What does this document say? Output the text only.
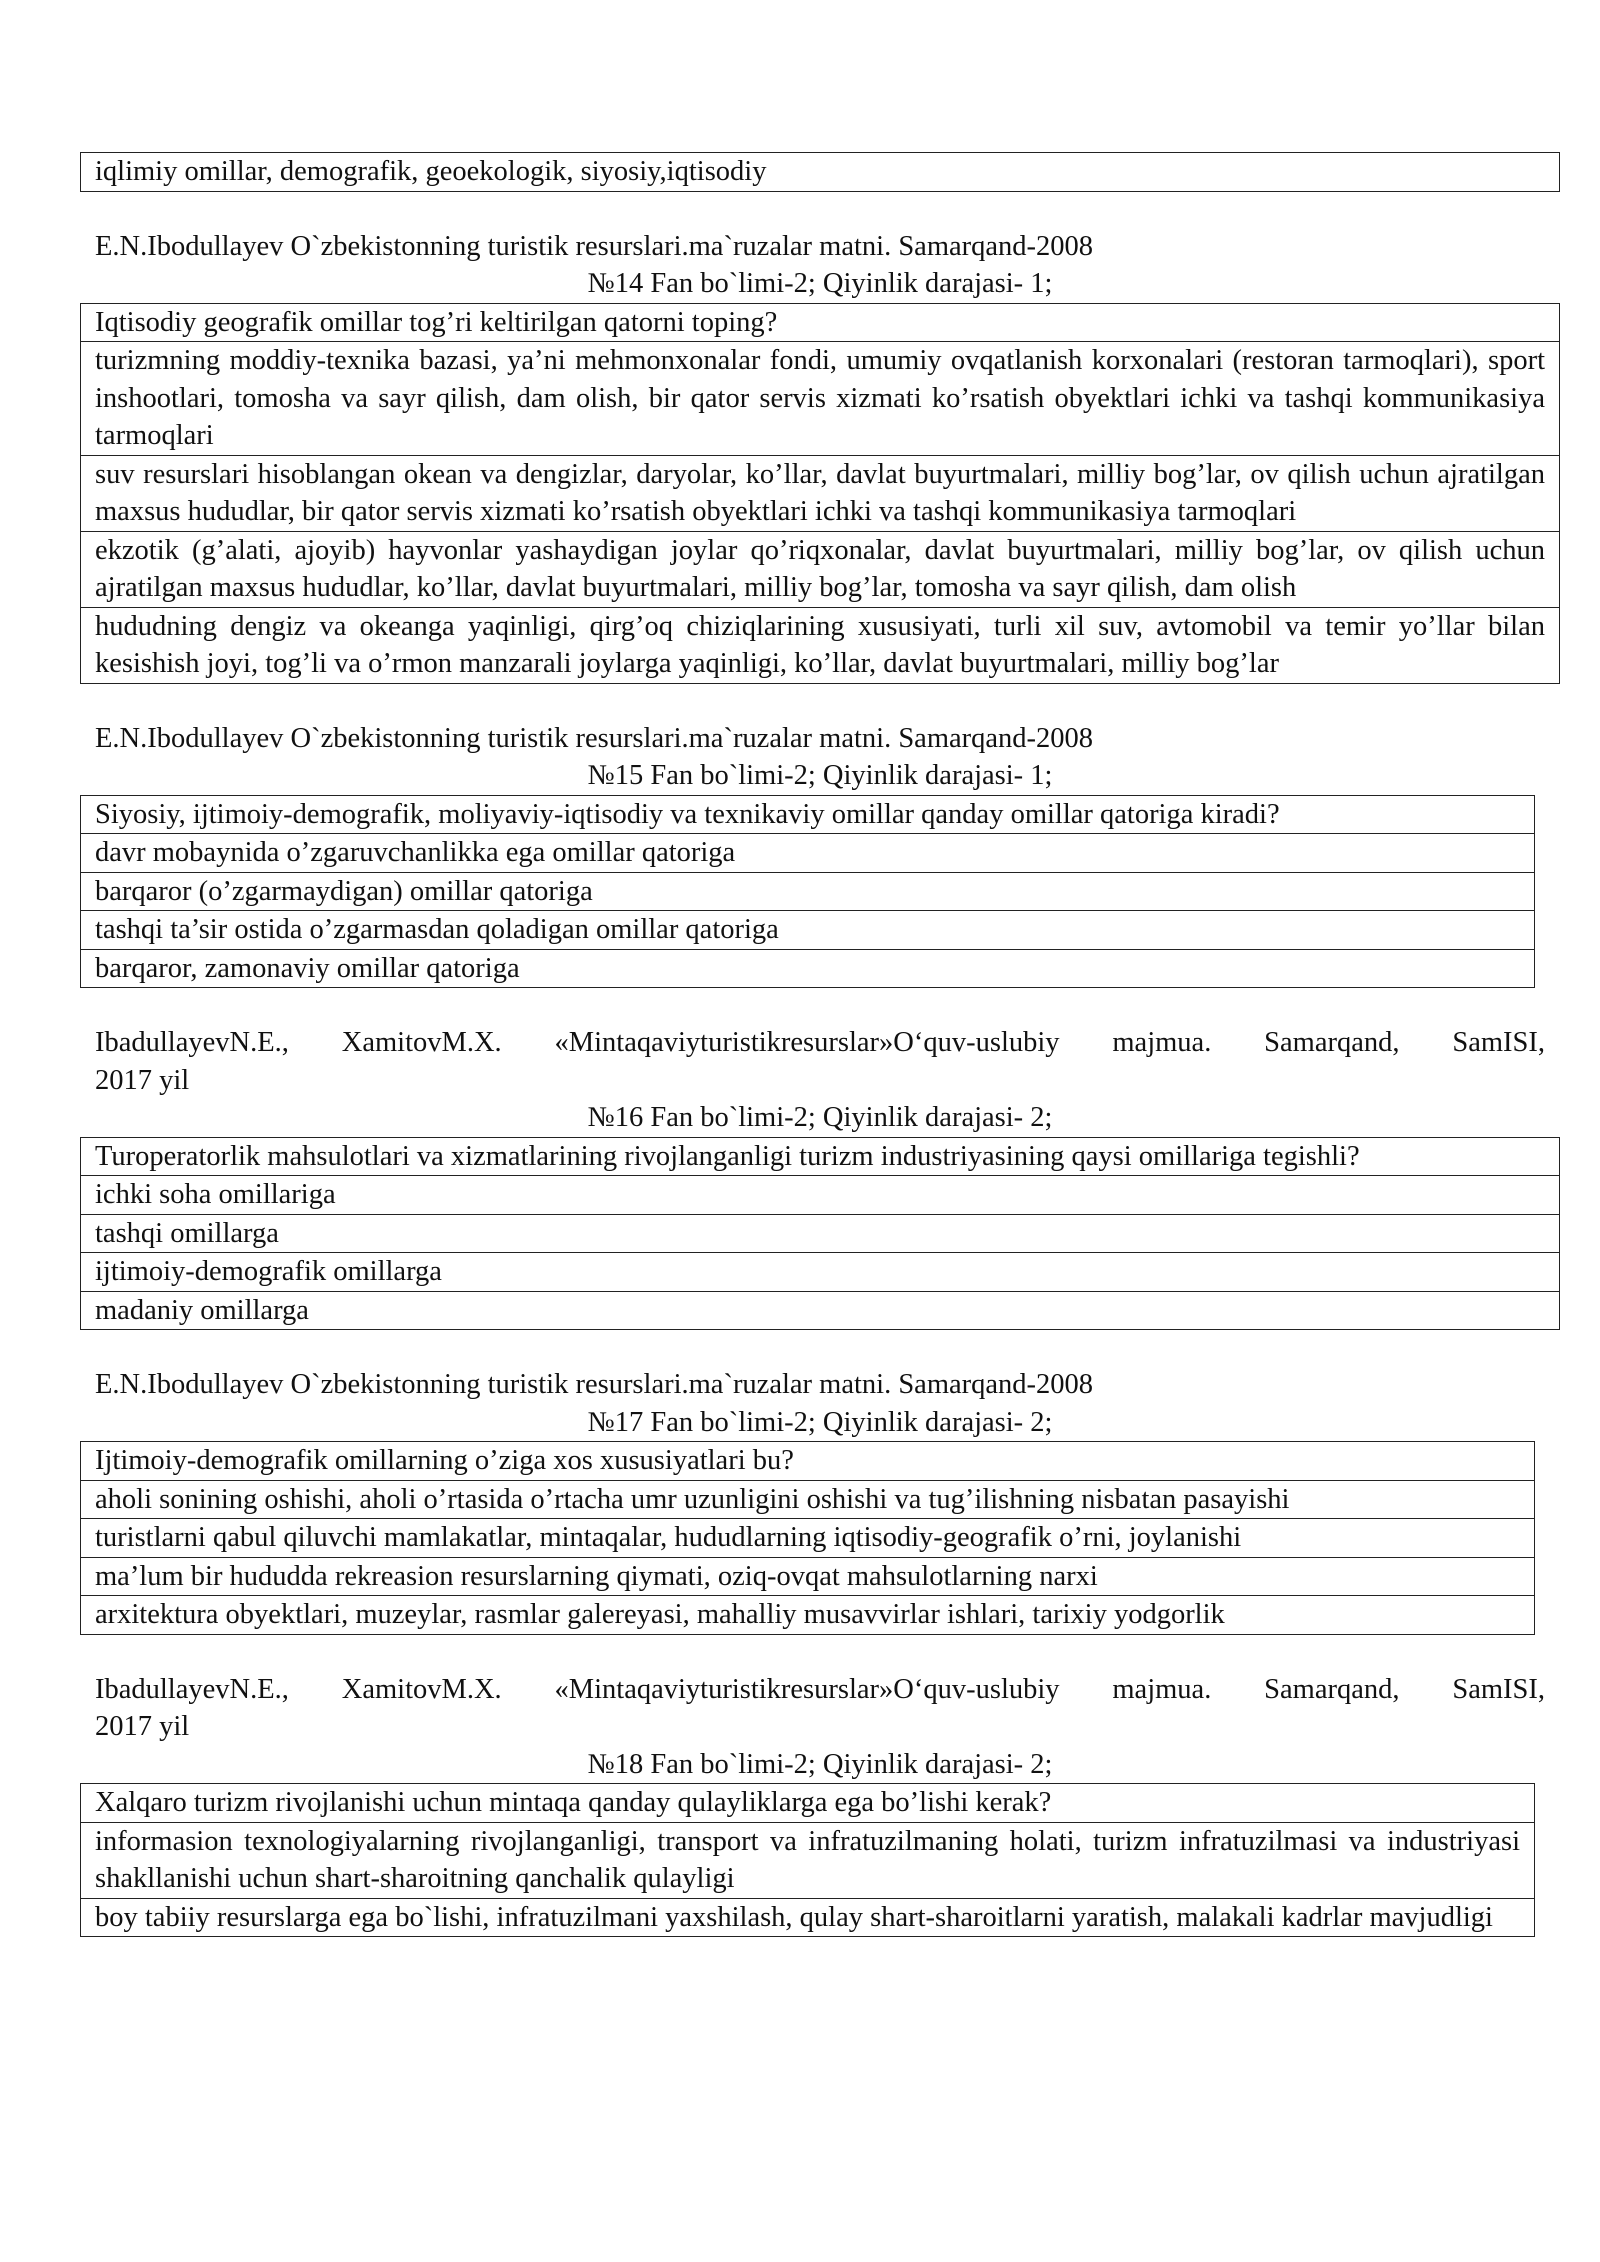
iqlimiy omillar, demografik, geoekologik, siyosiy,iqtisodiy
E.N.Ibodullayev O`zbekistonning turistik resurslari.ma`ruzalar matni. Samarqand-2008
№14 Fan bo`limi-2; Qiyinlik darajasi- 1;
Iqtisodiy geografik omillar tog’ri keltirilgan qatorni toping?
turizmning moddiy-texnika bazasi, ya’ni mehmonxonalar fondi, umumiy ovqatlanish korxonalari (restoran tarmoqlari), sport inshootlari, tomosha va sayr qilish, dam olish, bir qator servis xizmati ko’rsatish obyektlari ichki va tashqi kommunikasiya tarmoqlari
suv resurslari hisoblangan okean va dengizlar, daryolar, ko’llar, davlat buyurtmalari, milliy bog’lar, ov qilish uchun ajratilgan maxsus hududlar, bir qator servis xizmati ko’rsatish obyektlari ichki va tashqi kommunikasiya tarmoqlari
ekzotik (g’alati, ajoyib) hayvonlar yashaydigan joylar qo’riqxonalar, davlat buyurtmalari, milliy bog’lar, ov qilish uchun ajratilgan maxsus hududlar, ko’llar, davlat buyurtmalari, milliy bog’lar, tomosha va sayr qilish, dam olish
hududning dengiz va okeanga yaqinligi, qirg’oq chiziqlarining xususiyati, turli xil suv, avtomobil va temir yo’llar bilan kesishish joyi, tog’li va o’rmon manzarali joylarga yaqinligi, ko’llar, davlat buyurtmalari, milliy bog’lar
E.N.Ibodullayev O`zbekistonning turistik resurslari.ma`ruzalar matni. Samarqand-2008
№15 Fan bo`limi-2; Qiyinlik darajasi- 1;
Siyosiy, ijtimoiy-demografik, moliyaviy-iqtisodiy va texnikaviy omillar qanday omillar qatoriga kiradi?
davr mobaynida o’zgaruvchanlikka ega omillar qatoriga
barqaror (o’zgarmaydigan) omillar qatoriga
tashqi ta’sir ostida o’zgarmasdan qoladigan omillar qatoriga
barqaror, zamonaviy omillar qatoriga
IbadullayevN.E., XamitovM.X. «Mintaqaviyturistikresurslar»O‘quv-uslubiy majmua. Samarqand, SamISI,
2017 yil
№16 Fan bo`limi-2; Qiyinlik darajasi- 2;
Turoperatorlik mahsulotlari va xizmatlarining rivojlanganligi turizm industriyasining qaysi omillariga tegishli?
ichki soha omillariga
tashqi omillarga
ijtimoiy-demografik omillarga
madaniy omillarga
E.N.Ibodullayev O`zbekistonning turistik resurslari.ma`ruzalar matni. Samarqand-2008
№17 Fan bo`limi-2; Qiyinlik darajasi- 2;
Ijtimoiy-demografik omillarning o’ziga xos xususiyatlari bu?
aholi sonining oshishi, aholi o’rtasida o’rtacha umr uzunligini oshishi va tug’ilishning nisbatan pasayishi
turistlarni qabul qiluvchi mamlakatlar, mintaqalar, hududlarning iqtisodiy-geografik o’rni, joylanishi
ma’lum bir hududda rekreasion resurslarning qiymati, oziq-ovqat mahsulotlarning narxi
arxitektura obyektlari, muzeylar, rasmlar galereyasi, mahalliy musavvirlar ishlari, tarixiy yodgorlik
IbadullayevN.E., XamitovM.X. «Mintaqaviyturistikresurslar»O‘quv-uslubiy majmua. Samarqand, SamISI,
2017 yil
№18 Fan bo`limi-2; Qiyinlik darajasi- 2;
Xalqaro turizm rivojlanishi uchun mintaqa qanday qulayliklarga ega bo’lishi kerak?
informasion texnologiyalarning rivojlanganligi, transport va infratuzilmaning holati, turizm infratuzilmasi va industriyasi shakllanishi uchun shart-sharoitning qanchalik qulayligi
boy tabiiy resurslarga ega bo`lishi, infratuzilmani yaxshilash, qulay shart-sharoitlarni yaratish, malakali kadrlar mavjudligi
